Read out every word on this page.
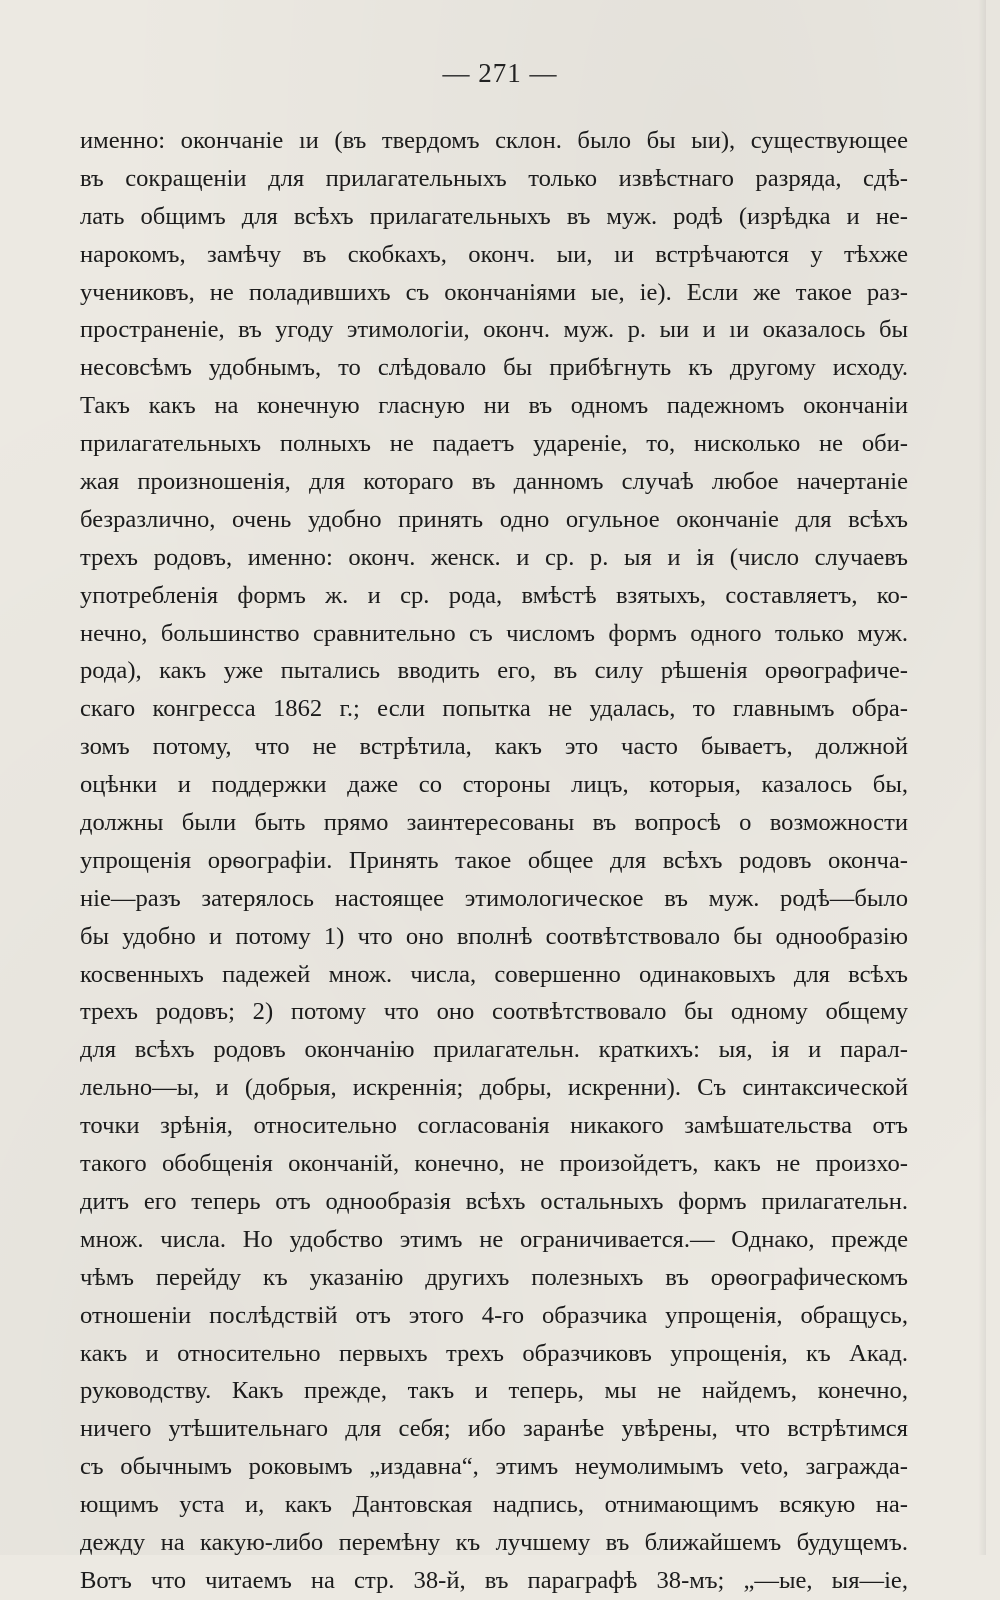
— 271 —
именно: окончаніе ıи (въ твердомъ склон. было бы ыи), существующее
въ сокращеніи для прилагательныхъ только извѣстнаго разряда, сдѣ-
лать общимъ для всѣхъ прилагательныхъ въ муж. родѣ (изрѣдка и не-
нарокомъ, замѣчу въ скобкахъ, оконч. ыи, ıи встрѣчаются у тѣхже
учениковъ, не поладившихъ съ окончаніями ые, ie). Если же такое раз-
пространеніе, въ угоду этимологіи, оконч. муж. р. ыи и ıи оказалось бы
несовсѣмъ удобнымъ, то слѣдовало бы прибѣгнуть къ другому исходу.
Такъ какъ на конечную гласную ни въ одномъ падежномъ окончаніи
прилагательныхъ полныхъ не падаетъ удареніе, то, нисколько не оби-
жая произношенія, для котораго въ данномъ случаѣ любое начертаніе
безразлично, очень удобно принять одно огульное окончаніе для всѣхъ
трехъ родовъ, именно: оконч. женск. и ср. р. ыя и ія (число случаевъ
употребленія формъ ж. и ср. рода, вмѣстѣ взятыхъ, составляетъ, ко-
нечно, большинство сравнительно съ числомъ формъ одного только муж.
рода), какъ уже пытались вводить его, въ силу рѣшенія орѳографиче-
скаго конгресса 1862 г.; если попытка не удалась, то главнымъ обра-
зомъ потому, что не встрѣтила, какъ это часто бываетъ, должной
оцѣнки и поддержки даже со стороны лицъ, которыя, казалось бы,
должны были быть прямо заинтересованы въ вопросѣ о возможности
упрощенія орѳографіи. Принять такое общее для всѣхъ родовъ оконча-
ніе—разъ затерялось настоящее этимологическое въ муж. родѣ—было
бы удобно и потому 1) что оно вполнѣ соотвѣтствовало бы однообразію
косвенныхъ падежей множ. числа, совершенно одинаковыхъ для всѣхъ
трехъ родовъ; 2) потому что оно соотвѣтствовало бы одному общему
для всѣхъ родовъ окончанію прилагательн. краткихъ: ыя, ія и парал-
лельно—ы, и (добрыя, искреннія; добры, искренни). Съ синтаксической
точки зрѣнія, относительно согласованія никакого замѣшательства отъ
такого обобщенія окончаній, конечно, не произойдетъ, какъ не произхо-
дитъ его теперь отъ однообразія всѣхъ остальныхъ формъ прилагательн.
множ. числа. Но удобство этимъ не ограничивается.— Однако, прежде
чѣмъ перейду къ указанію другихъ полезныхъ въ орѳографическомъ
отношеніи послѣдствій отъ этого 4-го образчика упрощенія, обращусь,
какъ и относительно первыхъ трехъ образчиковъ упрощенія, къ Акад.
руководству. Какъ прежде, такъ и теперь, мы не найдемъ, конечно,
ничего утѣшительнаго для себя; ибо заранѣе увѣрены, что встрѣтимся
съ обычнымъ роковымъ „издавна“, этимъ неумолимымъ veto, заграждa-
ющимъ уста и, какъ Дантовская надпись, отнимающимъ всякую на-
дежду на какую-либо перемѣну къ лучшему въ ближайшемъ будущемъ.
Вотъ что читаемъ на стр. 38-й, въ параграфѣ 38-мъ; „—ые, ыя—ie,
